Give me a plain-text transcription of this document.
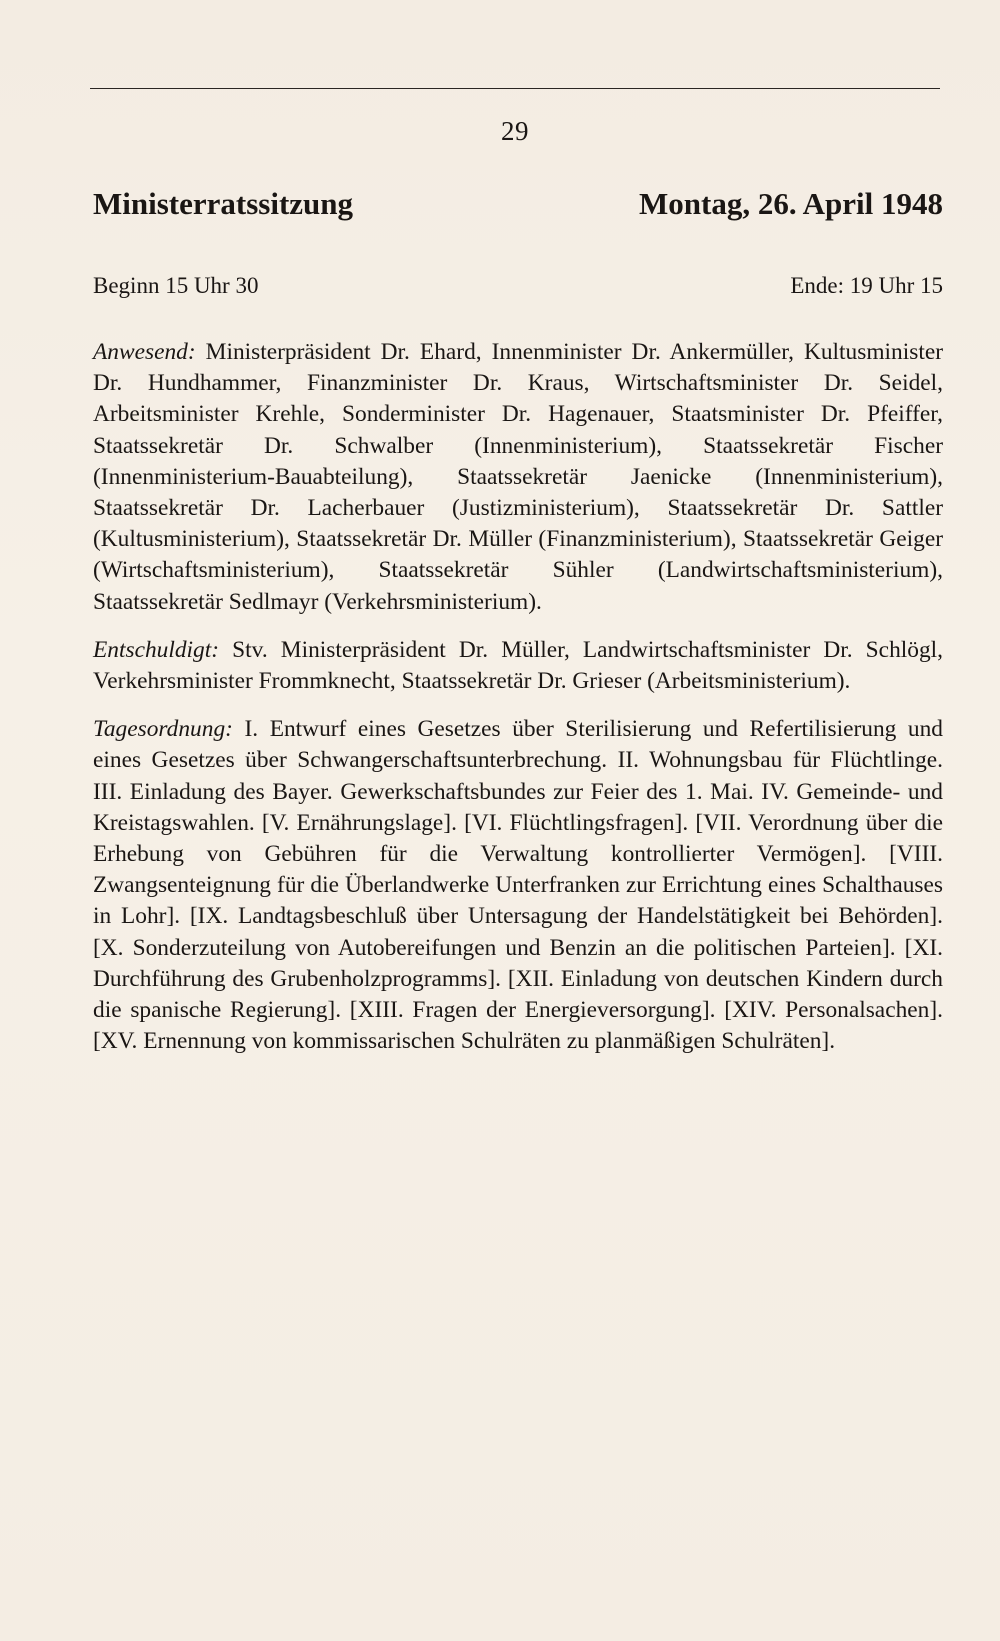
29
Ministerratssitzung	Montag, 26. April 1948
Beginn 15 Uhr 30	Ende: 19 Uhr 15

Anwesend: Ministerpräsident Dr. Ehard, Innenminister Dr. Ankermüller, Kultusminister Dr. Hundhammer, Finanzminister Dr. Kraus, Wirtschaftsminister Dr. Seidel, Arbeitsminister Krehle, Sonderminister Dr. Hagenauer, Staatsminister Dr. Pfeiffer, Staatssekretär Dr. Schwalber (Innenministerium), Staatssekretär Fischer (Innenministerium-Bauabteilung), Staatssekretär Jaenicke (Innenministerium), Staatssekretär Dr. Lacherbauer (Justizministerium), Staatssekretär Dr. Sattler (Kultusministerium), Staatssekretär Dr. Müller (Finanzministerium), Staatssekretär Geiger (Wirtschaftsministerium), Staatssekretär Sühler (Landwirtschaftsministerium), Staatssekretär Sedlmayr (Verkehrsministerium).

Entschuldigt: Stv. Ministerpräsident Dr. Müller, Landwirtschaftsminister Dr. Schlögl, Verkehrsminister Frommknecht, Staatssekretär Dr. Grieser (Arbeitsministerium).

Tagesordnung: I. Entwurf eines Gesetzes über Sterilisierung und Refertilisierung und eines Gesetzes über Schwangerschaftsunterbrechung. II. Wohnungsbau für Flüchtlinge. III. Einladung des Bayer. Gewerkschaftsbundes zur Feier des 1. Mai. IV. Gemeinde- und Kreistagswahlen. [V. Ernährungslage]. [VI. Flüchtlingsfragen]. [VII. Verordnung über die Erhebung von Gebühren für die Verwaltung kontrollierter Vermögen]. [VIII. Zwangsenteignung für die Überlandwerke Unterfranken zur Errichtung eines Schalthauses in Lohr]. [IX. Landtagsbeschluß über Untersagung der Handelstätigkeit bei Behörden]. [X. Sonderzuteilung von Autobereifungen und Benzin an die politischen Parteien]. [XI. Durchführung des Grubenholzprogramms]. [XII. Einladung von deutschen Kindern durch die spanische Regierung]. [XIII. Fragen der Energieversorgung]. [XIV. Personalsachen]. [XV. Ernennung von kommissarischen Schulräten zu planmäßigen Schulräten].
